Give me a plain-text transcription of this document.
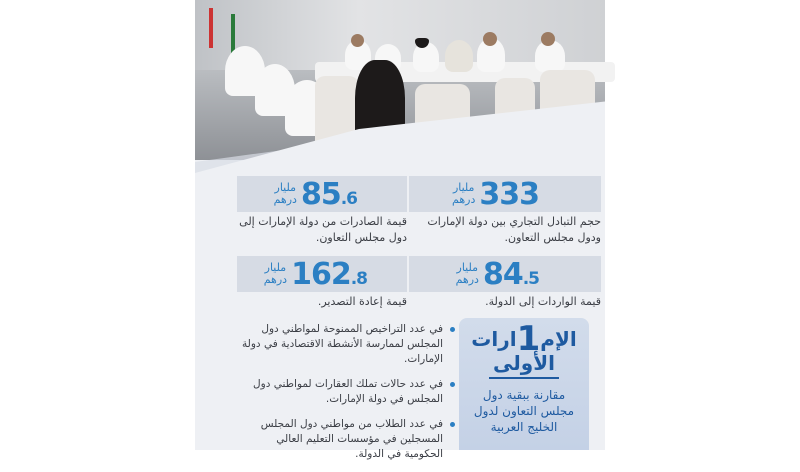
333
مليار
درهم
حجم التبادل التجاري بين دولة الإمارات ودول مجلس التعاون.
85.6
مليار
درهم
قيمة الصادرات من دولة الإمارات إلى دول مجلس التعاون.
84.5
مليار
درهم
قيمة الواردات إلى الدولة.
162.8
مليار
درهم
قيمة إعادة التصدير.
في عدد التراخيص الممنوحة لمواطني دول المجلس لممارسة الأنشطة الاقتصادية في دولة الإمارات.
في عدد حالات تملك العقارات لمواطني دول المجلس في دولة الإمارات.
في عدد الطلاب من مواطني دول المجلس المسجلين في مؤسسات التعليم العالي الحكومية في الدولة.
الإم1ارات
الأولى
مقارنة ببقية دول مجلس التعاون لدول الخليج العربية
